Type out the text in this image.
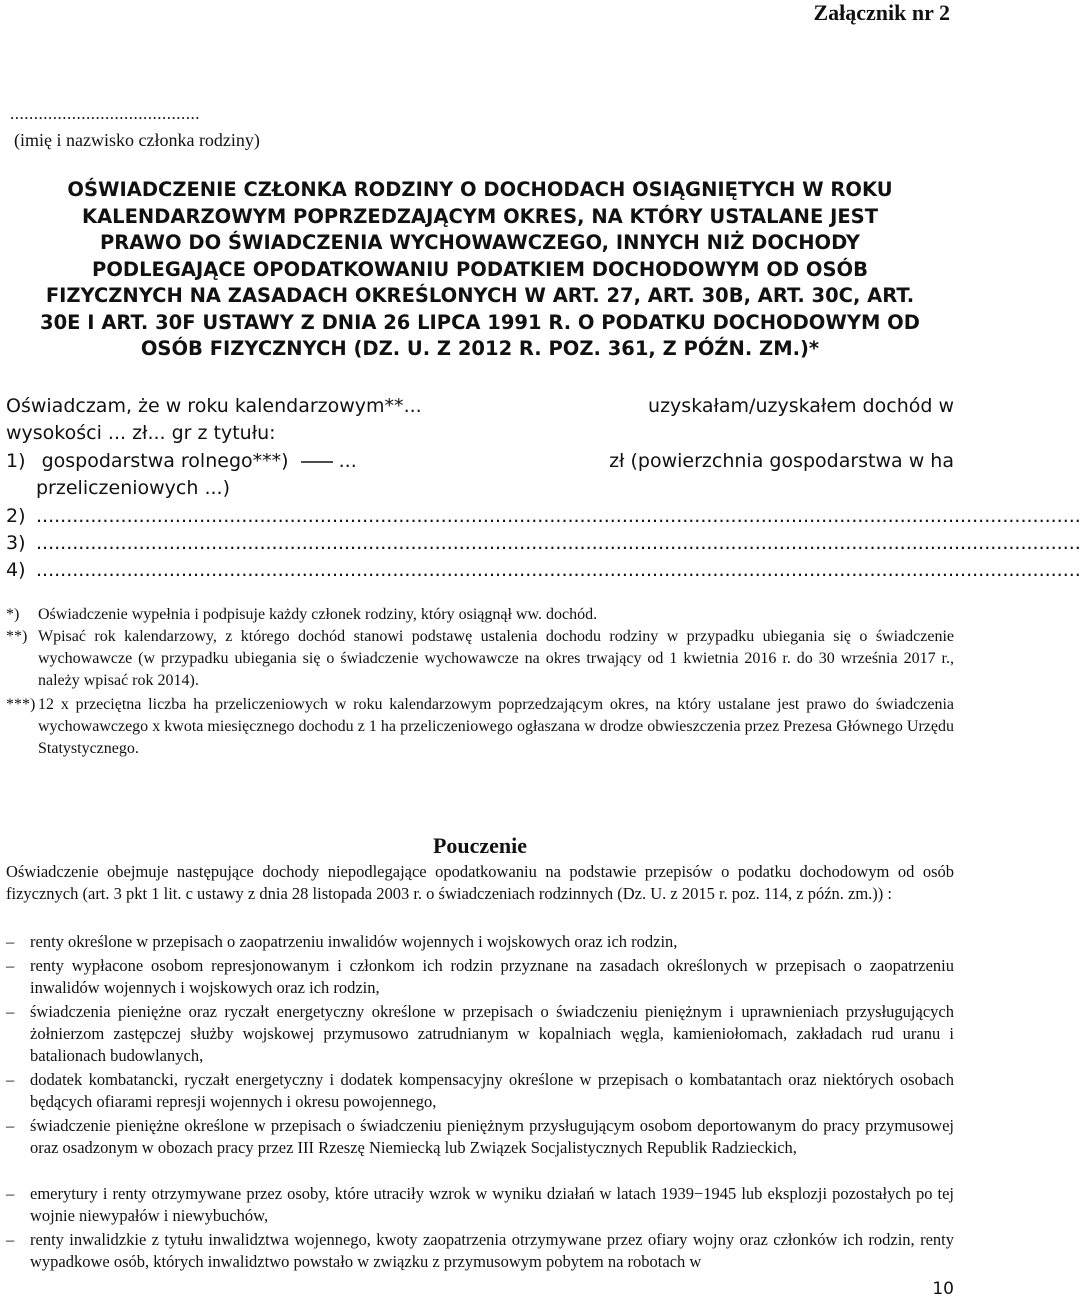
Załącznik nr 2
........................................
(imię i nazwisko członka rodziny)
OŚWIADCZENIE CZŁONKA RODZINY O DOCHODACH OSIĄGNIĘTYCH W ROKU
KALENDARZOWYM POPRZEDZAJĄCYM OKRES, NA KTÓRY USTALANE JEST
PRAWO DO ŚWIADCZENIA WYCHOWAWCZEGO, INNYCH NIŻ DOCHODY
PODLEGAJĄCE OPODATKOWANIU PODATKIEM DOCHODOWYM OD OSÓB
FIZYCZNYCH NA ZASADACH OKREŚLONYCH W ART. 27, ART. 30B, ART. 30C, ART.
30E I ART. 30F USTAWY Z DNIA 26 LIPCA 1991 R. O PODATKU DOCHODOWYM OD
OSÓB FIZYCZNYCH (DZ. U. Z 2012 R. POZ. 361, Z PÓŹN. ZM.)*
Oświadczam, że w roku kalendarzowym**...	uzyskałam/uzyskałem dochód w
wysokości ... zł... gr z tytułu:
1) gospodarstwa rolnego***)	...	zł (powierzchnia gospodarstwa w ha
przeliczeniowych ...)
2) .............................................................................................................................................................................
3) .............................................................................................................................................................................
4) .............................................................................................................................................................................
*) Oświadczenie wypełnia i podpisuje każdy członek rodziny, który osiągnął ww. dochód.
**) Wpisać rok kalendarzowy, z którego dochód stanowi podstawę ustalenia dochodu rodziny w przypadku ubiegania się o świadczenie wychowawcze (w przypadku ubiegania się o świadczenie wychowawcze na okres trwający od 1 kwietnia 2016 r. do 30 września 2017 r., należy wpisać rok 2014).
***) 12 x przeciętna liczba ha przeliczeniowych w roku kalendarzowym poprzedzającym okres, na który ustalane jest prawo do świadczenia wychowawczego x kwota miesięcznego dochodu z 1 ha przeliczeniowego ogłaszana w drodze obwieszczenia przez Prezesa Głównego Urzędu Statystycznego.
Pouczenie
Oświadczenie obejmuje następujące dochody niepodlegające opodatkowaniu na podstawie przepisów o podatku dochodowym od osób fizycznych (art. 3 pkt 1 lit. c ustawy z dnia 28 listopada 2003 r. o świadczeniach rodzinnych (Dz. U. z 2015 r. poz. 114, z późn. zm.)) :
– renty określone w przepisach o zaopatrzeniu inwalidów wojennych i wojskowych oraz ich rodzin,
– renty wypłacone osobom represjonowanym i członkom ich rodzin przyznane na zasadach określonych w przepisach o zaopatrzeniu inwalidów wojennych i wojskowych oraz ich rodzin,
– świadczenia pieniężne oraz ryczałt energetyczny określone w przepisach o świadczeniu pieniężnym i uprawnieniach przysługujących żołnierzom zastępczej służby wojskowej przymusowo zatrudnianym w kopalniach węgla, kamieniołomach, zakładach rud uranu i batalionach budowlanych,
– dodatek kombatancki, ryczałt energetyczny i dodatek kompensacyjny określone w przepisach o kombatantach oraz niektórych osobach będących ofiarami represji wojennych i okresu powojennego,
– świadczenie pieniężne określone w przepisach o świadczeniu pieniężnym przysługującym osobom deportowanym do pracy przymusowej oraz osadzonym w obozach pracy przez III Rzeszę Niemiecką lub Związek Socjalistycznych Republik Radzieckich,
– emerytury i renty otrzymywane przez osoby, które utraciły wzrok w wyniku działań w latach 1939−1945 lub eksplozji pozostałych po tej wojnie niewypałów i niewybuchów,
– renty inwalidzkie z tytułu inwalidztwa wojennego, kwoty zaopatrzenia otrzymywane przez ofiary wojny oraz członków ich rodzin, renty wypadkowe osób, których inwalidztwo powstało w związku z przymusowym pobytem na robotach w
10
